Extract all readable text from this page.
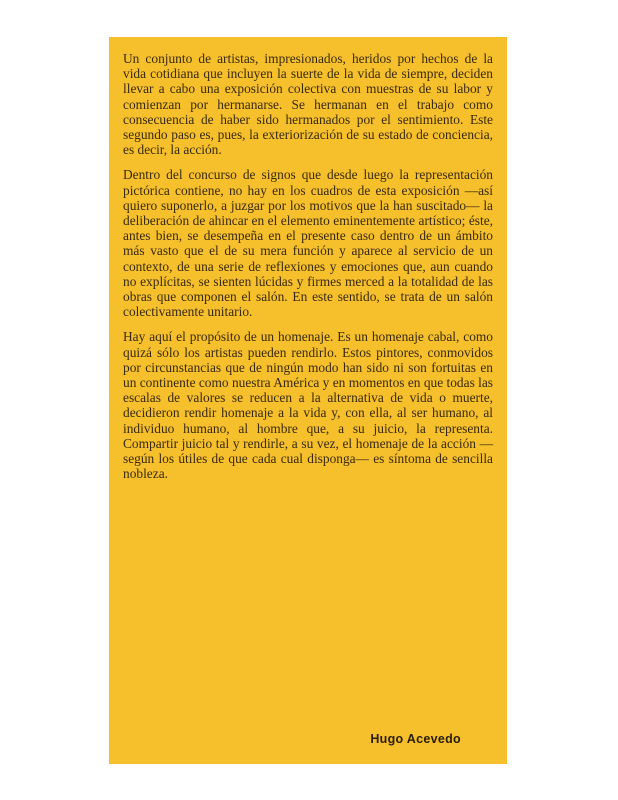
Un conjunto de artistas, impresionados, heridos por hechos de la vida cotidiana que incluyen la suerte de la vida de siempre, deciden llevar a cabo una exposición colectiva con muestras de su labor y comienzan por hermanarse. Se hermanan en el trabajo como consecuencia de haber sido hermanados por el sentimiento. Este segundo paso es, pues, la exteriorización de su estado de conciencia, es decir, la acción.

Dentro del concurso de signos que desde luego la representación pictórica contiene, no hay en los cuadros de esta exposición —así quiero suponerlo, a juzgar por los motivos que la han suscitado— la deliberación de ahincar en el elemento eminentemente artístico; éste, antes bien, se desempeña en el presente caso dentro de un ámbito más vasto que el de su mera función y aparece al servicio de un contexto, de una serie de reflexiones y emociones que, aun cuando no explícitas, se sienten lúcidas y firmes merced a la totalidad de las obras que componen el salón. En este sentido, se trata de un salón colectivamente unitario.

Hay aquí el propósito de un homenaje. Es un homenaje cabal, como quizá sólo los artistas pueden rendirlo. Estos pintores, conmovidos por circunstancias que de ningún modo han sido ni son fortuitas en un continente como nuestra América y en momentos en que todas las escalas de valores se reducen a la alternativa de vida o muerte, decidieron rendir homenaje a la vida y, con ella, al ser humano, al individuo humano, al hombre que, a su juicio, la representa. Compartir juicio tal y rendirle, a su vez, el homenaje de la acción —según los útiles de que cada cual disponga— es síntoma de sencilla nobleza.

Hugo Acevedo
